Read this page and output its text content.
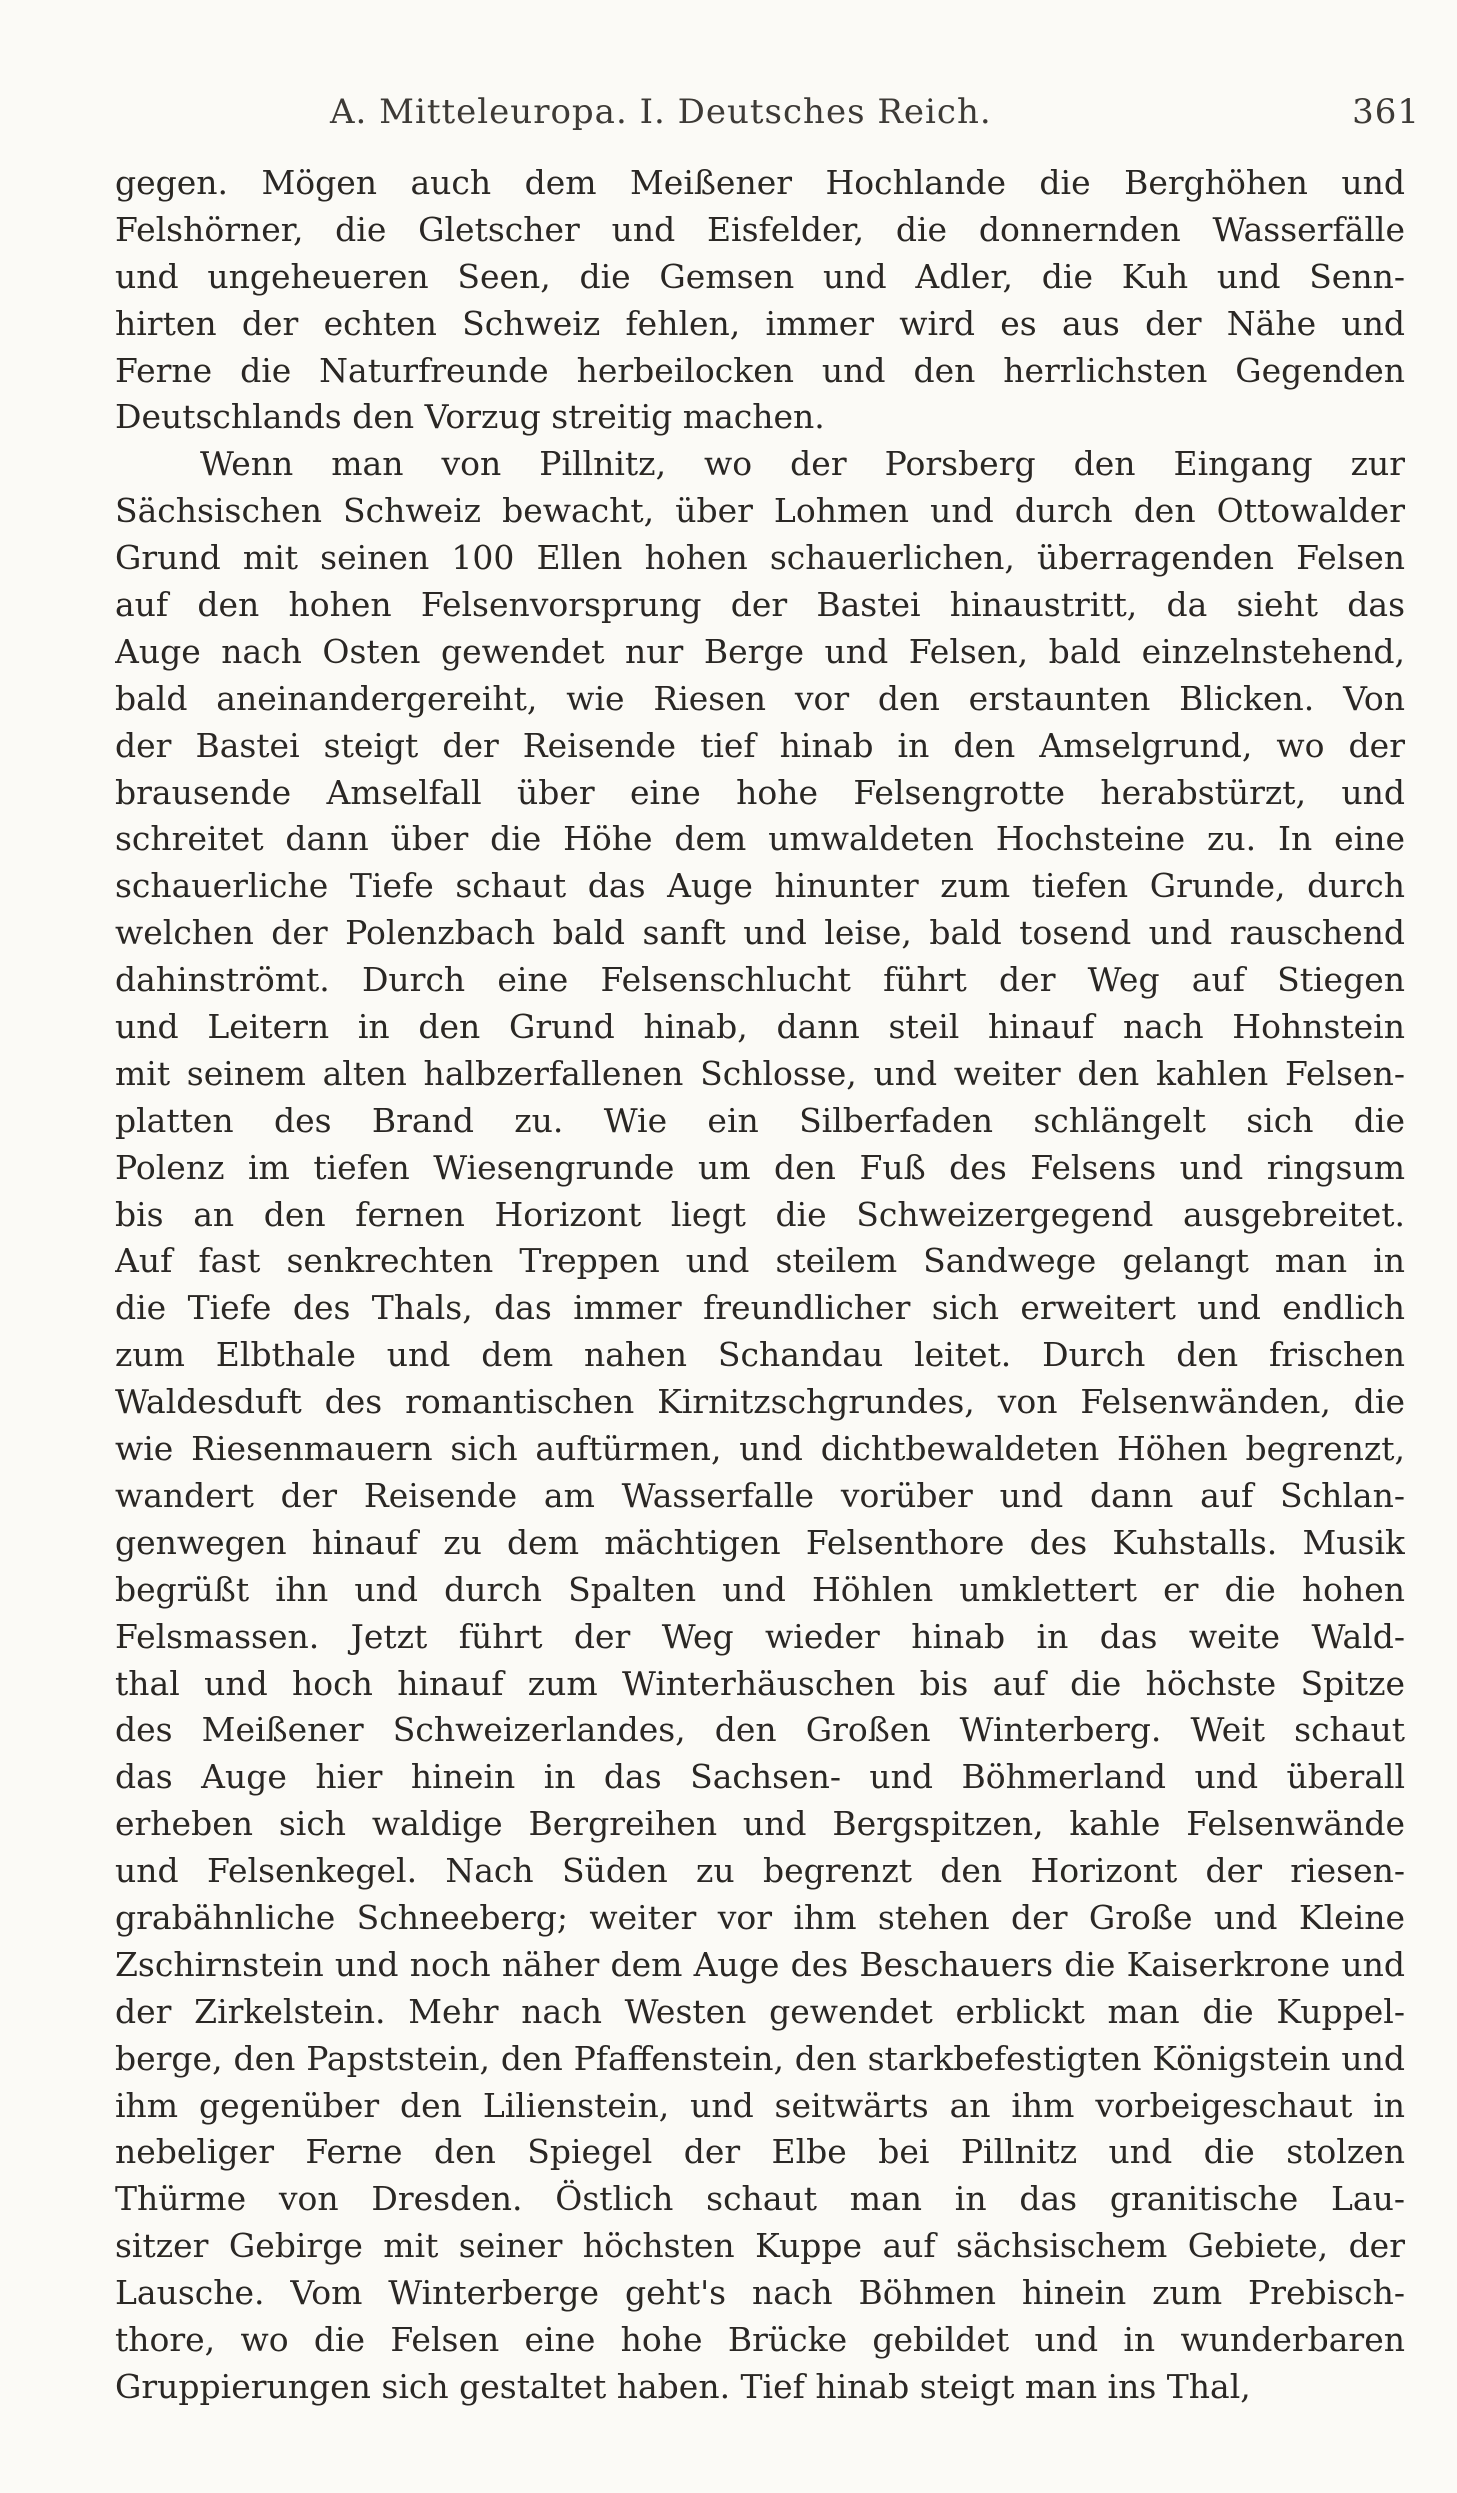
A. Mitteleuropa. I. Deutsches Reich.	361
gegen. Mögen auch dem Meißener Hochlande die Berghöhen und
Felshörner, die Gletscher und Eisfelder, die donnernden Wasserfälle
und ungeheueren Seen, die Gemsen und Adler, die Kuh und Senn-
hirten der echten Schweiz fehlen, immer wird es aus der Nähe und
Ferne die Naturfreunde herbeilocken und den herrlichsten Gegenden
Deutschlands den Vorzug streitig machen.
Wenn man von Pillnitz, wo der Porsberg den Eingang zur
Sächsischen Schweiz bewacht, über Lohmen und durch den Ottowalder
Grund mit seinen 100 Ellen hohen schauerlichen, überragenden Felsen
auf den hohen Felsenvorsprung der Bastei hinaustritt, da sieht das
Auge nach Osten gewendet nur Berge und Felsen, bald einzelnstehend,
bald aneinandergereiht, wie Riesen vor den erstaunten Blicken. Von
der Bastei steigt der Reisende tief hinab in den Amselgrund, wo der
brausende Amselfall über eine hohe Felsengrotte herabstürzt, und
schreitet dann über die Höhe dem umwaldeten Hochsteine zu. In eine
schauerliche Tiefe schaut das Auge hinunter zum tiefen Grunde, durch
welchen der Polenzbach bald sanft und leise, bald tosend und rauschend
dahinströmt. Durch eine Felsenschlucht führt der Weg auf Stiegen
und Leitern in den Grund hinab, dann steil hinauf nach Hohnstein
mit seinem alten halbzerfallenen Schlosse, und weiter den kahlen Felsen-
platten des Brand zu. Wie ein Silberfaden schlängelt sich die
Polenz im tiefen Wiesengrunde um den Fuß des Felsens und ringsum
bis an den fernen Horizont liegt die Schweizergegend ausgebreitet.
Auf fast senkrechten Treppen und steilem Sandwege gelangt man in
die Tiefe des Thals, das immer freundlicher sich erweitert und endlich
zum Elbthale und dem nahen Schandau leitet. Durch den frischen
Waldesduft des romantischen Kirnitzschgrundes, von Felsenwänden, die
wie Riesenmauern sich auftürmen, und dichtbewaldeten Höhen begrenzt,
wandert der Reisende am Wasserfalle vorüber und dann auf Schlan-
genwegen hinauf zu dem mächtigen Felsenthore des Kuhstalls. Musik
begrüßt ihn und durch Spalten und Höhlen umklettert er die hohen
Felsmassen. Jetzt führt der Weg wieder hinab in das weite Wald-
thal und hoch hinauf zum Winterhäuschen bis auf die höchste Spitze
des Meißener Schweizerlandes, den Großen Winterberg. Weit schaut
das Auge hier hinein in das Sachsen- und Böhmerland und überall
erheben sich waldige Bergreihen und Bergspitzen, kahle Felsenwände
und Felsenkegel. Nach Süden zu begrenzt den Horizont der riesen-
grabähnliche Schneeberg; weiter vor ihm stehen der Große und Kleine
Zschirnstein und noch näher dem Auge des Beschauers die Kaiserkrone und
der Zirkelstein. Mehr nach Westen gewendet erblickt man die Kuppel-
berge, den Papststein, den Pfaffenstein, den starkbefestigten Königstein und
ihm gegenüber den Lilienstein, und seitwärts an ihm vorbeigeschaut in
nebeliger Ferne den Spiegel der Elbe bei Pillnitz und die stolzen
Thürme von Dresden. Östlich schaut man in das granitische Lau-
sitzer Gebirge mit seiner höchsten Kuppe auf sächsischem Gebiete, der
Lausche. Vom Winterberge geht's nach Böhmen hinein zum Prebisch-
thore, wo die Felsen eine hohe Brücke gebildet und in wunderbaren
Gruppierungen sich gestaltet haben. Tief hinab steigt man ins Thal,
